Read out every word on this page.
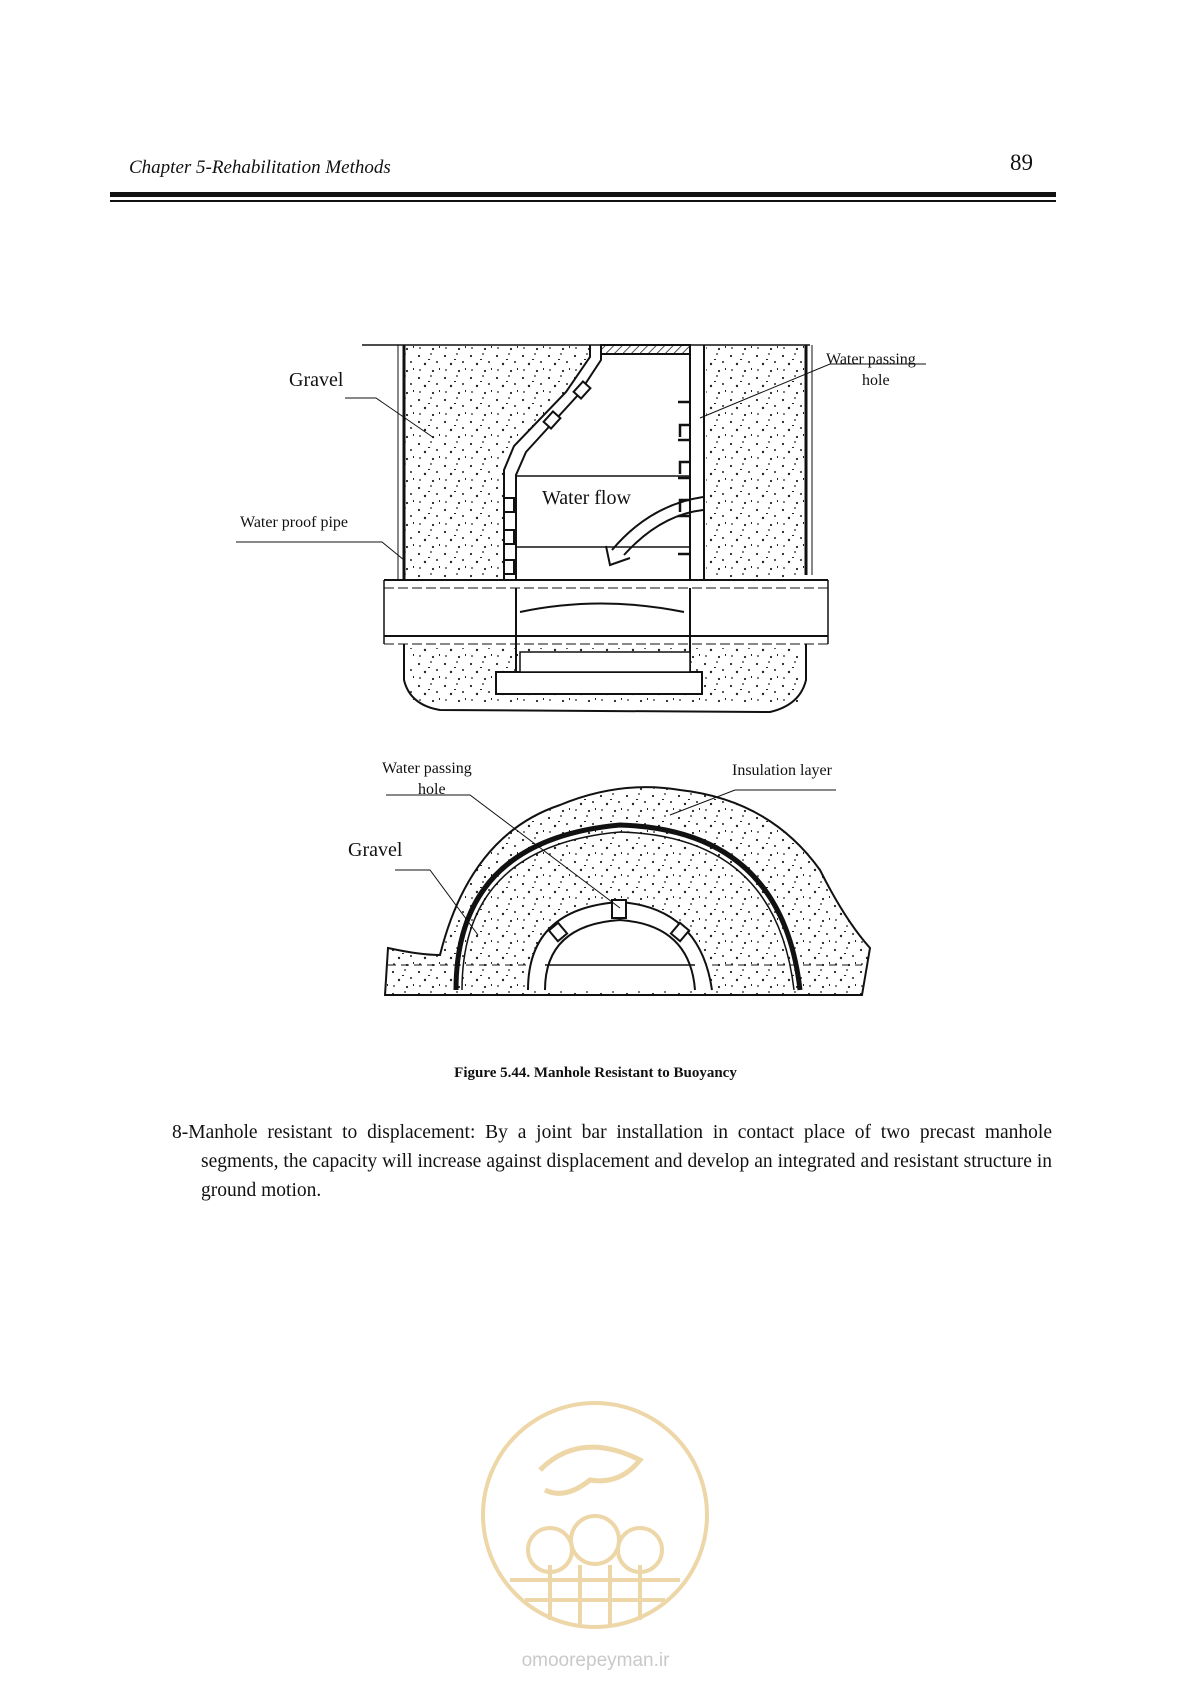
Chapter 5-Rehabilitation Methods	89
Gravel
Water passing
hole
Water flow
Water proof pipe
Water passing
hole
Insulation layer
Gravel
Figure 5.44. Manhole Resistant to Buoyancy
8-Manhole resistant to displacement: By a joint bar installation in contact place of two precast manhole segments, the capacity will increase against displacement and develop an integrated and resistant structure in ground motion.
omoorepeyman.ir
